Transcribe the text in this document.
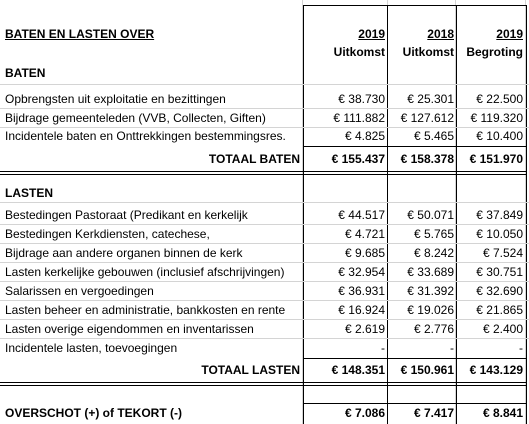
BATEN EN LASTEN OVER	2019	2018	2019
Uitkomst	Uitkomst	Begroting
BATEN
Opbrengsten uit exploitatie en bezittingen	€ 38.730	€ 25.301	€ 22.500
Bijdrage gemeenteleden (VVB, Collecten, Giften)	€ 111.882	€ 127.612	€ 119.320
Incidentele baten en Onttrekkingen bestemmingsres.	€ 4.825	€ 5.465	€ 10.400
TOTAAL BATEN	€ 155.437	€ 158.378	€ 151.970
LASTEN
Bestedingen Pastoraat (Predikant en kerkelijk	€ 44.517	€ 50.071	€ 37.849
Bestedingen Kerkdiensten, catechese,	€ 4.721	€ 5.765	€ 10.050
Bijdrage aan andere organen binnen de kerk	€ 9.685	€ 8.242	€ 7.524
Lasten kerkelijke gebouwen (inclusief afschrijvingen)	€ 32.954	€ 33.689	€ 30.751
Salarissen en vergoedingen	€ 36.931	€ 31.392	€ 32.690
Lasten beheer en administratie, bankkosten en rente	€ 16.924	€ 19.026	€ 21.865
Lasten overige eigendommen en inventarissen	€ 2.619	€ 2.776	€ 2.400
Incidentele lasten, toevoegingen	-	-	-
TOTAAL LASTEN	€ 148.351	€ 150.961	€ 143.129
OVERSCHOT (+) of TEKORT (-)	€ 7.086	€ 7.417	€ 8.841
